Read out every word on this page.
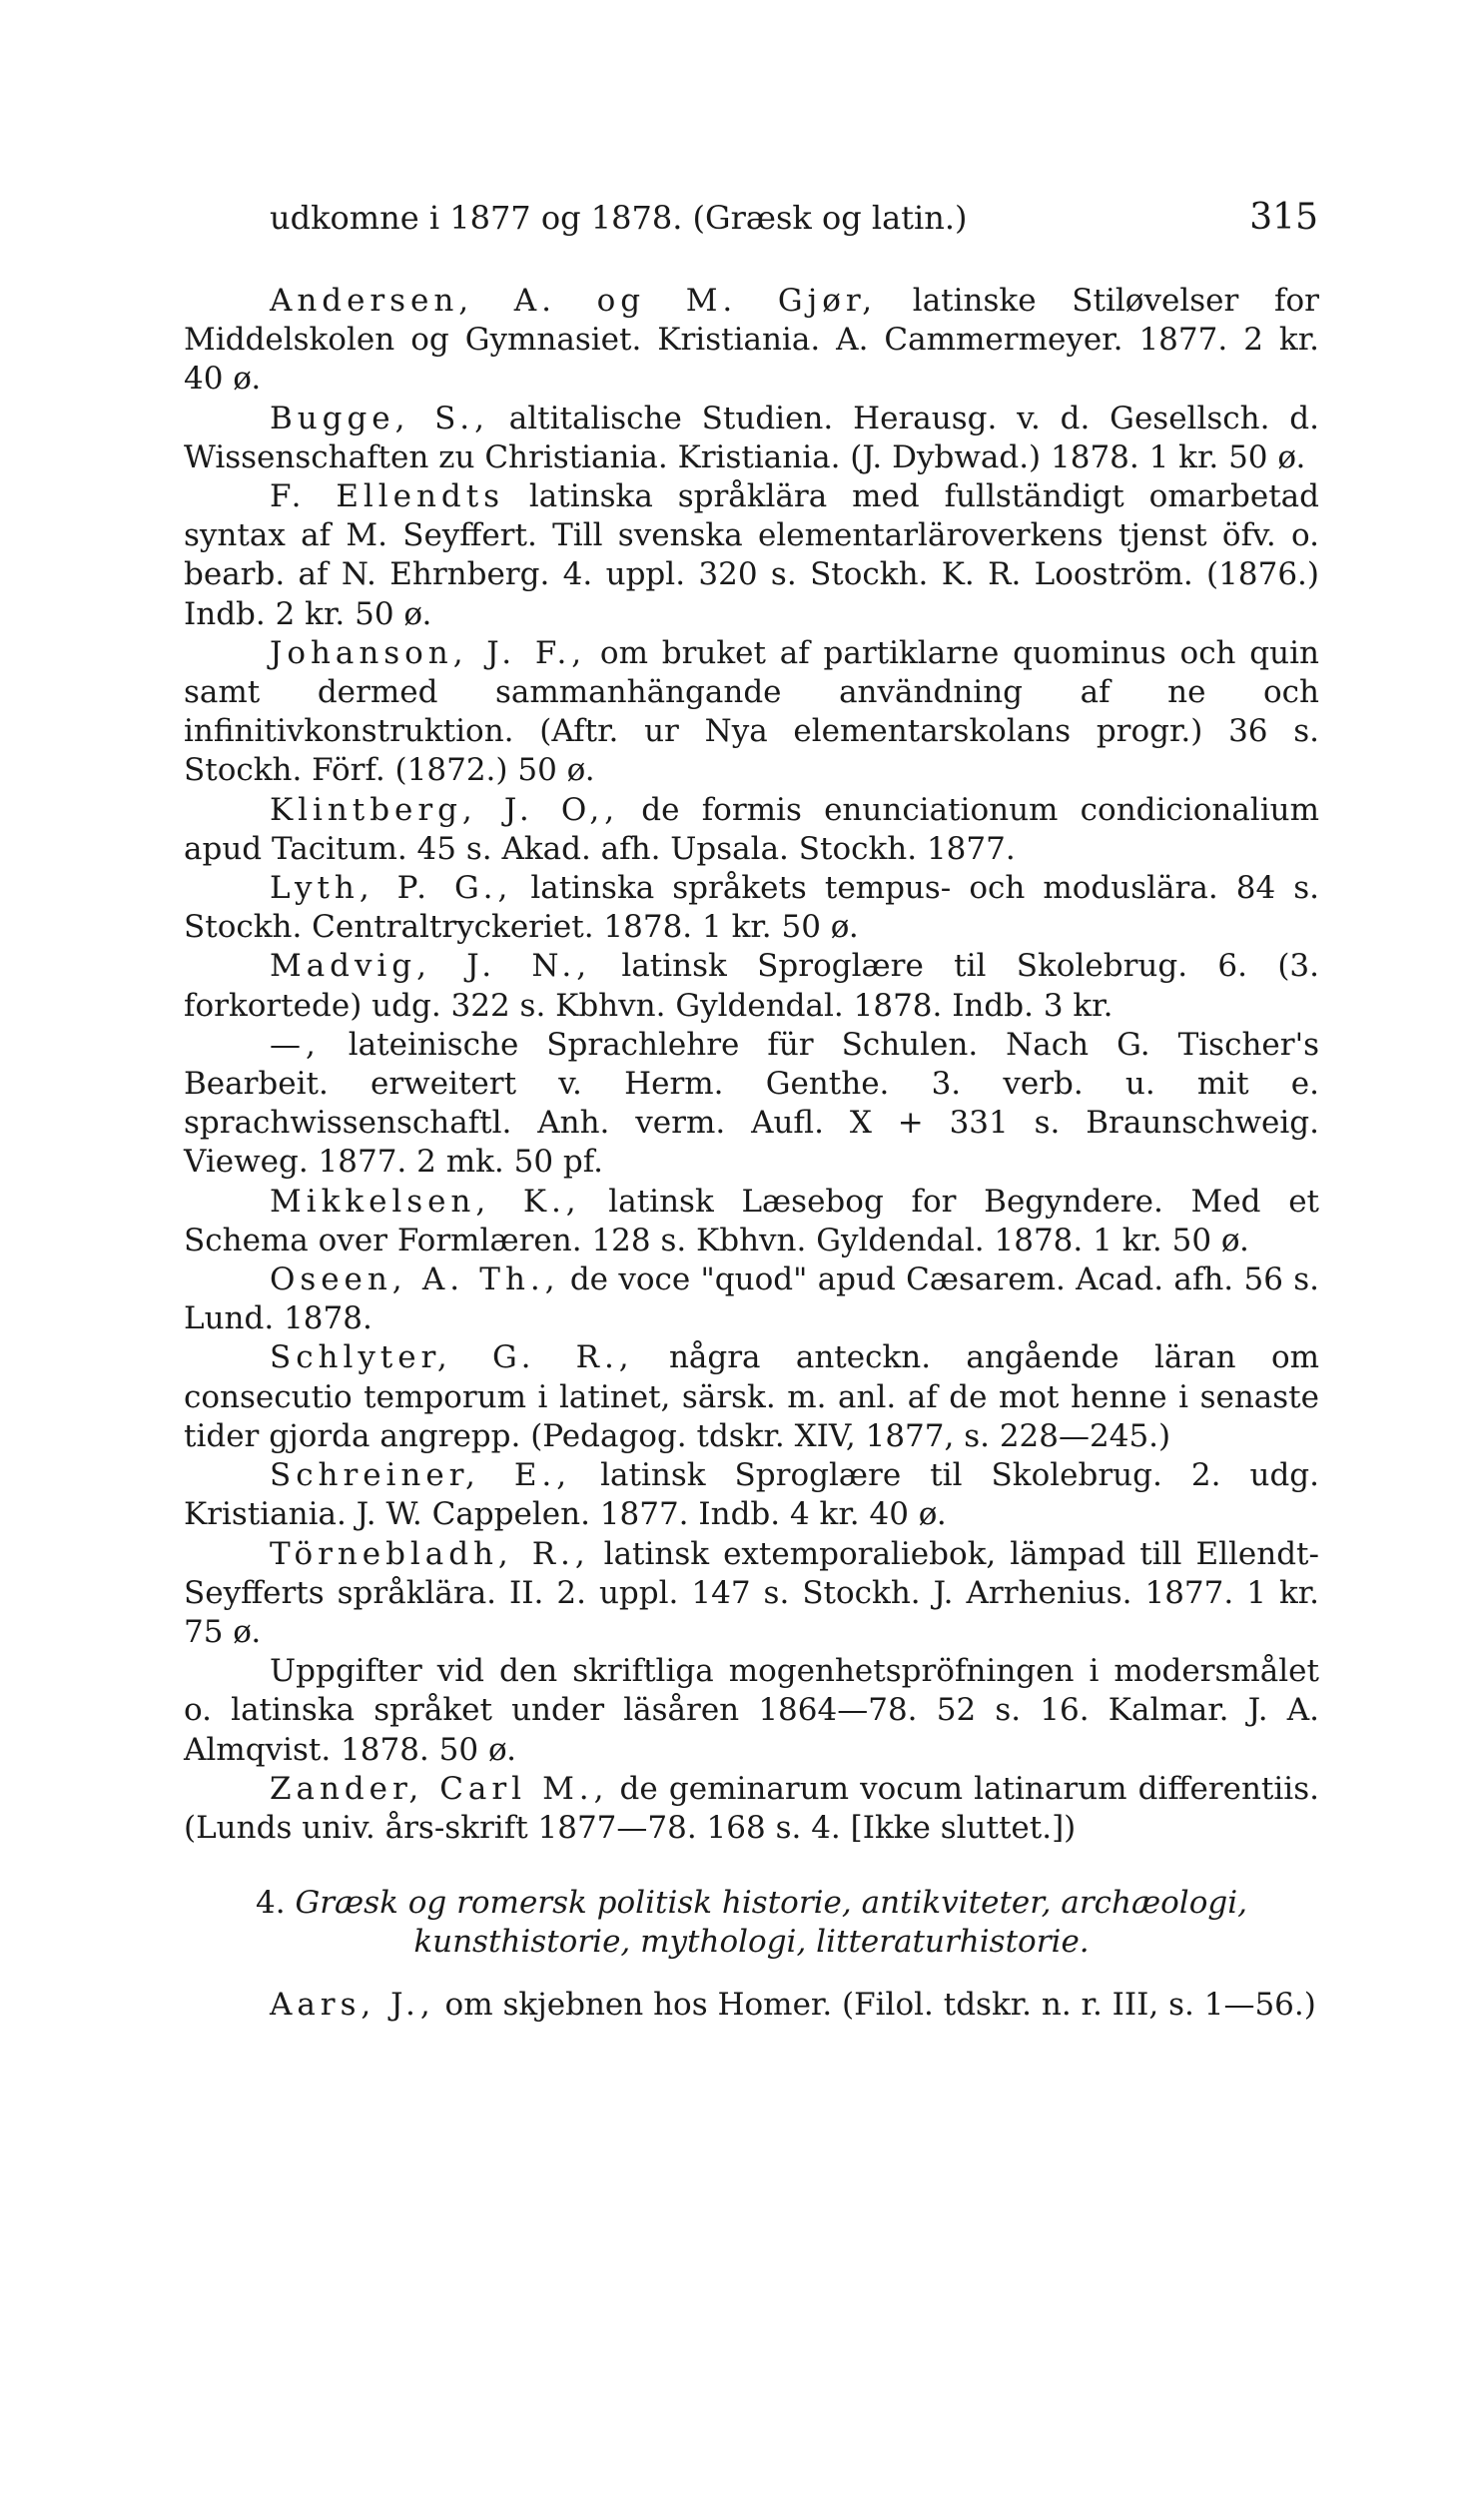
udkomne i 1877 og 1878. (Græsk og latin.)	315

Andersen, A. og M. Gjør, latinske Stiløvelser for Middelskolen og Gymnasiet. Kristiania. A. Cammermeyer. 1877. 2 kr. 40 ø.

Bugge, S., altitalische Studien. Herausg. v. d. Gesellsch. d. Wissenschaften zu Christiania. Kristiania. (J. Dybwad.) 1878. 1 kr. 50 ø.

F. Ellendts latinska språklära med fullständigt omarbetad syntax af M. Seyffert. Till svenska elementarläroverkens tjenst öfv. o. bearb. af N. Ehrnberg. 4. uppl. 320 s. Stockh. K. R. Looström. (1876.) Indb. 2 kr. 50 ø.

Johanson, J. F., om bruket af partiklarne quominus och quin samt dermed sammanhängande användning af ne och infinitivkonstruktion. (Aftr. ur Nya elementarskolans progr.) 36 s. Stockh. Förf. (1872.) 50 ø.

Klintberg, J. O,, de formis enunciationum condicionalium apud Tacitum. 45 s. Akad. afh. Upsala. Stockh. 1877.

Lyth, P. G., latinska språkets tempus- och moduslära. 84 s. Stockh. Centraltryckeriet. 1878. 1 kr. 50 ø.

Madvig, J. N., latinsk Sproglære til Skolebrug. 6. (3. forkortede) udg. 322 s. Kbhvn. Gyldendal. 1878. Indb. 3 kr.

—, lateinische Sprachlehre für Schulen. Nach G. Tischer's Bearbeit. erweitert v. Herm. Genthe. 3. verb. u. mit e. sprachwissenschaftl. Anh. verm. Aufl. X + 331 s. Braunschweig. Vieweg. 1877. 2 mk. 50 pf.

Mikkelsen, K., latinsk Læsebog for Begyndere. Med et Schema over Formlæren. 128 s. Kbhvn. Gyldendal. 1878. 1 kr. 50 ø.

Oseen, A. Th., de voce "quod" apud Cæsarem. Acad. afh. 56 s. Lund. 1878.

Schlyter, G. R., några anteckn. angående läran om consecutio temporum i latinet, särsk. m. anl. af de mot henne i senaste tider gjorda angrepp. (Pedagog. tdskr. XIV, 1877, s. 228—245.)

Schreiner, E., latinsk Sproglære til Skolebrug. 2. udg. Kristiania. J. W. Cappelen. 1877. Indb. 4 kr. 40 ø.

Törnebladh, R., latinsk extemporaliebok, lämpad till Ellendt-Seyfferts språklära. II. 2. uppl. 147 s. Stockh. J. Arrhenius. 1877. 1 kr. 75 ø.

Uppgifter vid den skriftliga mogenhetspröfningen i modersmålet o. latinska språket under läsåren 1864—78. 52 s. 16. Kalmar. J. A. Almqvist. 1878. 50 ø.

Zander, Carl M., de geminarum vocum latinarum differentiis. (Lunds univ. års-skrift 1877—78. 168 s. 4. [Ikke sluttet.])

4. Græsk og romersk politisk historie, antikviteter, archæologi, kunsthistorie, mythologi, litteraturhistorie.

Aars, J., om skjebnen hos Homer. (Filol. tdskr. n. r. III, s. 1—56.)
